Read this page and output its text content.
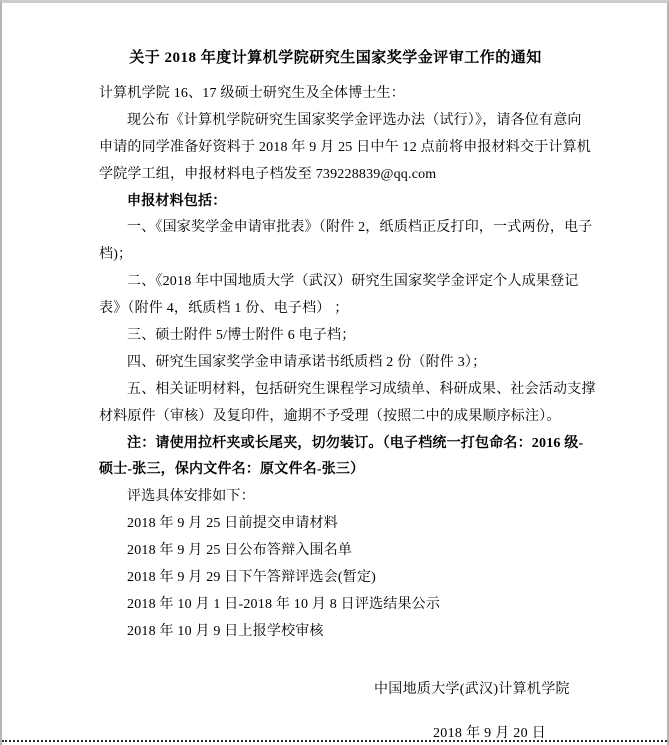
关于 2018 年度计算机学院研究生国家奖学金评审工作的通知
计算机学院 16、17 级硕士研究生及全体博士生：
现公布《计算机学院研究生国家奖学金评选办法（试行）》，请各位有意向
申请的同学准备好资料于 2018 年 9 月 25 日中午 12 点前将申报材料交于计算机
学院学工组，申报材料电子档发至 739228839@qq.com
申报材料包括：
一、《国家奖学金申请审批表》（附件 2，纸质档正反打印，一式两份，电子
档)；
二、《2018 年中国地质大学（武汉）研究生国家奖学金评定个人成果登记
表》（附件 4，纸质档 1 份、电子档） ；
三、硕士附件 5/博士附件 6 电子档；
四、研究生国家奖学金申请承诺书纸质档 2 份（附件 3）；
五、相关证明材料，包括研究生课程学习成绩单、科研成果、社会活动支撑
材料原件（审核）及复印件，逾期不予受理（按照二中的成果顺序标注）。
注：请使用拉杆夹或长尾夹，切勿装订。（电子档统一打包命名：2016 级-
硕士-张三，保内文件名：原文件名-张三）
评选具体安排如下：
2018 年 9 月 25 日前提交申请材料
2018 年 9 月 25 日公布答辩入围名单
2018 年 9 月 29 日下午答辩评选会(暂定)
2018 年 10 月 1 日-2018 年 10 月 8 日评选结果公示
2018 年 10 月 9 日上报学校审核
中国地质大学(武汉)计算机学院
2018 年 9 月 20 日
